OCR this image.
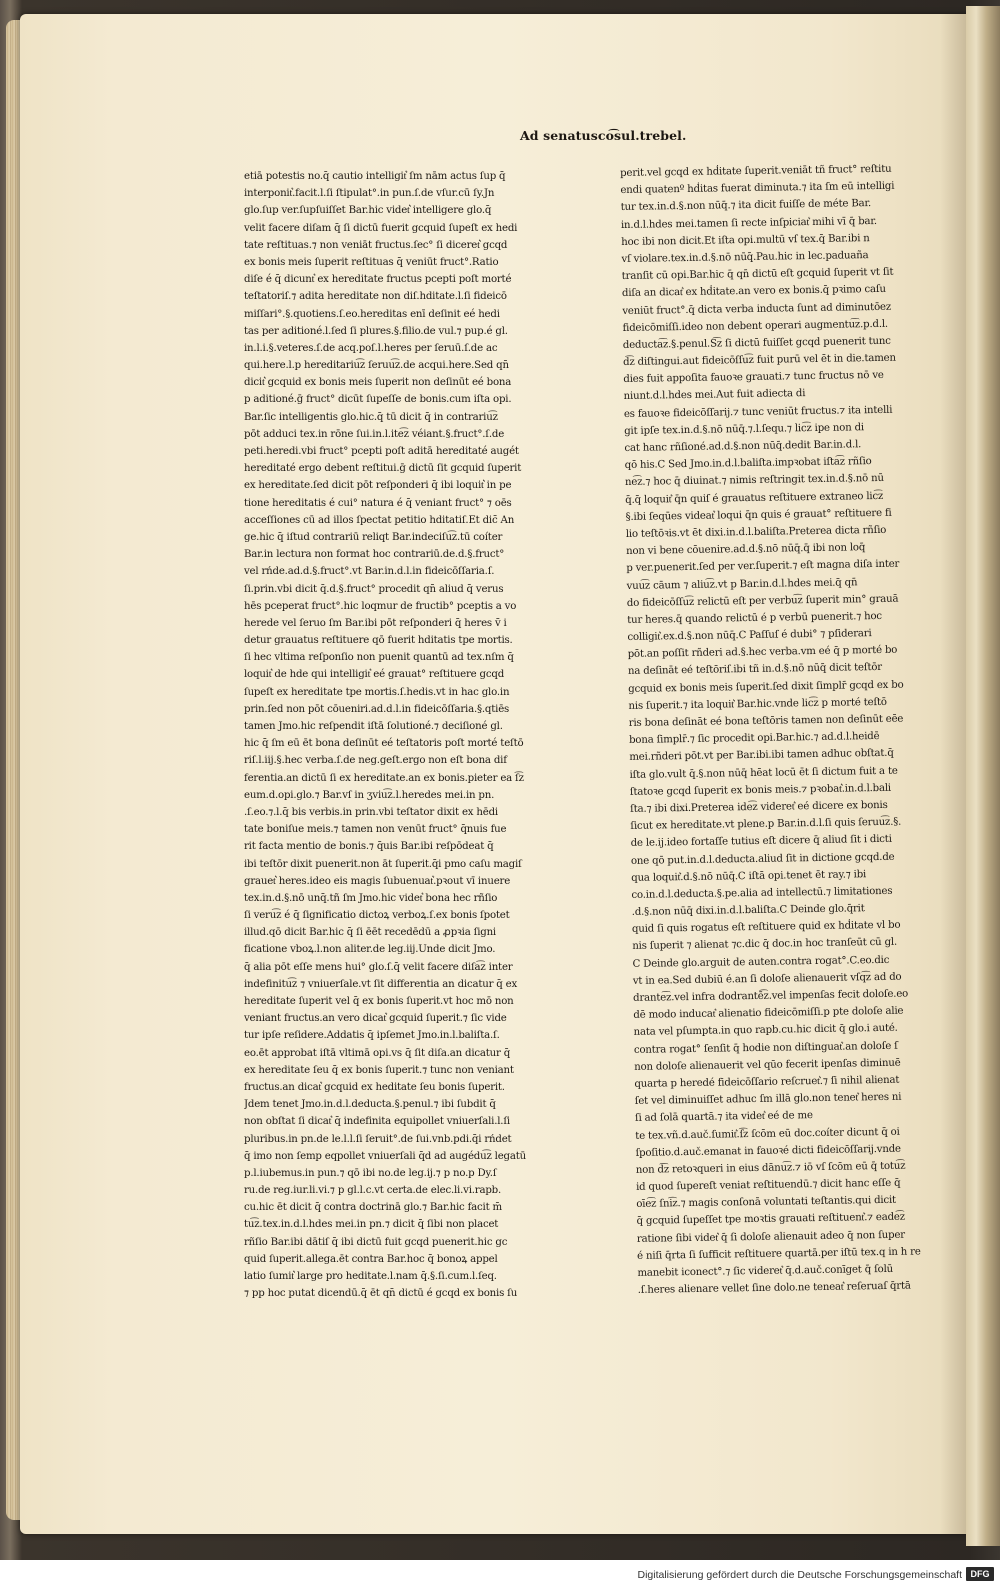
Ad senatusco͡sul.trebel.
etiā potestis no.q̄ cautio intelligit͛ ſm nām actus ſup q̄
interponit͛.facit.l.ſi ſtipulat°.in pun.ſ.de vſur.cū ſy.Jn
glo.ſup ver.ſupſuiſſet Bar.hic videt͛ intelligere glo.q̄
velit facere diſam q̄ ſi dictū fuerit gcquid ſupeſt ex hedi
tate reſtituas.⁊ non veniāt fructus.ſec° ſi diceret͛ gcqd
ex bonis meis ſuperit reſtituas q̄ veniūt fruct°.Ratio
diſe é q̄ dicunt͛ ex hereditate fructus pcepti poſt morté
teſtatoriſ.⁊ adita hereditate non diſ.hditate.l.ſi fideicō
miſſari°.§.quotiens.ſ.eo.hereditas enī deſinit eé hedi
tas per aditioné.l.ſed ſi plures.§.filio.de vul.⁊ pup.é gl.
in.l.i.§.veteres.ſ.de acq.poſ.l.heres per ſeruū.ſ.de ac
qui.here.l.p hereditariu͡z ſeruu͡z.de acqui.here.Sed qn̄
dicit͛ gcquid ex bonis meis ſuperit non deſinūt eé bona
p aditioné.ḡ fruct° dicūt ſupeſſe de bonis.cum iſta opi.
Bar.ſic intelligentis glo.hic.q̄ tū dicit q̄ in contrariu͡z
pōt adduci tex.in rōne ſui.in.l.ite͡z véiant.§.fruct°.ſ.de
peti.heredi.vbi fruct° pcepti poſt aditā hereditaté augét
hereditaté ergo debent reſtitui.ḡ dictū ſit gcquid ſuperit
ex hereditate.ſed dicit pōt reſponderi q̄ ibi loquit͛ in pe
tione hereditatis é cui° natura é q̄ veniant fruct° ⁊ oēs
acceſſiones cū ad illos ſpectat petitio hditatiſ.Et dic̄ An
ge.hic q̄ iſtud contrariū reliqt Bar.indeciſu͡z.tū coíter
Bar.in lectura non format hoc contrariū.de.d.§.fruct°
vel rńde.ad.d.§.fruct°.vt Bar.in.d.l.in fideicōſſaria.ſ.
ſi.prin.vbi dicit q̄.d.§.fruct° procedit qn̄ aliud q̄ verus
hēs pceperat fruct°.hic loqmur de fructib° pceptis a vo
herede vel ſeruo ſm Bar.ibi pōt reſponderi q̄ heres v̄ i
detur grauatus reſtituere qō fuerit hditatis tpe mortis.
ſi hec vltima reſponſio non puenit quantū ad tex.nſm q̄
loquit͛ de hde qui intelligit͛ eé grauat° reſtituere gcqd
ſupeſt ex hereditate tpe mortis.ſ.hedis.vt in hac glo.in
prin.ſed non pōt cōueniri.ad.d.l.in fideicōſſaria.§.qtiēs
tamen Jmo.hic reſpendit iſtā ſolutioné.⁊ deciſioné gl.
hic q̄ ſm eū ēt bona deſinūt eé teſtatoris poſt morté teſtō
riſ.l.iij.§.hec verba.ſ.de neg.geſt.ergo non eſt bona dif
ferentia.an dictū ſi ex hereditate.an ex bonis.pieter ea ſ͡z
eum.d.opi.glo.⁊ Bar.vſ in ӡviu͡z.l.heredes mei.in pn.
.ſ.eo.⁊.l.q̄ bis verbis.in prin.vbi teſtator dixit ex hēdi
tate boniſue meis.⁊ tamen non venūt fruct° q̄nuis fue
rit facta mentio de bonis.⁊ q̄uis Bar.ibi reſpōdeat q̄
ibi teſtōr dixit puenerit.non āt ſuperit.q̄i pmo caſu magiſ
grauet͛ heres.ideo eis magis ſubuenuat͛.pꝛout vī inuere
tex.in.d.§.nō unq̄.tñ ſm Jmo.hic videt͛ bona hec rñſio
ſi veru͡z é q̄ ſignificatio dictoꝝ verboꝝ.ſ.ex bonis ſpotet
illud.qō dicit Bar.hic q̄ ſi ēēt recedēdū a ꝓpꝛia ſigni
ficatione vboꝝ.l.non aliter.de leg.iij.Unde dicit Jmo.
q̄ alia pōt eſſe mens hui° glo.ſ.q̄ velit facere diſa͡z inter
indefinitu͡z ⁊ vniuerſale.vt ſit differentia an dicatur q̄ ex
hereditate ſuperit vel q̄ ex bonis ſuperit.vt hoc mō non
veniant fructus.an vero dicat͛ gcquid ſuperit.⁊ ſic vide
tur ipſe reſidere.Addatis q̄ ipſemet Jmo.in.l.baliſta.ſ.
eo.ēt approbat iſtā vltimā opi.vs q̄ ſit diſa.an dicatur q̄
ex hereditate ſeu q̄ ex bonis ſuperit.⁊ tunc non veniant
fructus.an dicat͛ gcquid ex heditate ſeu bonis ſuperit.
Jdem tenet Jmo.in.d.l.deducta.§.penul.⁊ ibi ſubdit q̄
non obſtat ſi dicat͛ q̄ indefinita equipollet vniuerſali.l.ſi
pluribus.in pn.de le.l.l.ſi ſeruit°.de ſui.vnb.pdi.q̄i rńdet
q̄ imo non ſemp eqpollet vniuerſali q̄d ad augédu͡z legatū
p.l.iubemus.in pun.⁊ qō ibi no.de leg.ij.⁊ p no.p Dy.ſ
ru.de reg.iur.li.vi.⁊ p gl.l.c.vt certa.de elec.li.vi.rapb.
cu.hic ēt dicit q̄ contra doctrinā glo.⁊ Bar.hic facit m̄
tu͡z.tex.in.d.l.hdes mei.in pn.⁊ dicit q̄ ſibi non placet
rñſio Bar.ibi dātiſ q̄ ibi dictū fuit gcqd puenerit.hic gc
quid ſuperit.allega.ēt contra Bar.hoc q̄ bonoꝝ appel
latio ſumit͛ large pro heditate.l.nam q̄.§.ſi.cum.l.ſeq.
⁊ pp hoc putat dicendū.q̄ ēt qn̄ dictū é gcqd ex bonis ſu
perit.vel gcqd ex hḋitate ſuperit.veniāt tñ fruct° reſtitu
endi quatenº hḋitas fuerat diminuta.⁊ ita ſm eū intelligi
tur tex.in.d.§.non nūq̄.⁊ ita dicit fuiſſe de méte Bar.
in.d.l.hdes mei.tamen ſi recte inſpiciat͛ mihi vī q̄ bar.
hoc ibi non dicit.Et iſta opi.multū vſ tex.q̄ Bar.ibi n
vſ violare.tex.in.d.§.nō nūq̄.Pau.hic in lec.paduaña
tranſit cū opi.Bar.hic q̄ qn̄ dictū eſt gcquid ſuperit vt ſit
diſa an dicat͛ ex hḋitate.an vero ex bonis.q̄ pꝛimo caſu
veniūt fruct°.q̄ dicta verba inducta ſunt ad diminutōez
fideicōmiſſi.ideo non debent operari augmentu͡z.p.d.l.
deducta͡z.§.penul.S͡z ſi dictū fuiſſet gcqd puenerit tunc
d͡z diſtingui.aut fideicōſſu͡z fuit purū vel ēt in die.tamen
dies fuit appoſita fauoꝛe grauati.⁊ tunc fructus nō ve
niunt.d.l.hdes mei.Aut fuit adiecta di
es fauoꝛe fideicōſſarij.⁊ tunc veniūt fructus.⁊ ita intelli
git ipſe tex.in.d.§.nō nūq̄.⁊.l.ſequ.⁊ lic͡z ipe non di
cat hanc rñſioné.ad.d.§.non nūq̄.dedit Bar.in.d.l.
qō his.C Sed Jmo.in.d.l.baliſta.impꝛobat iſta͡z rñſio
ne͡z.⁊ hoc q̄ diuinat.⁊ nimis reſtringit tex.in.d.§.nō nū
q̄.q̄ loquit͛ q̄n quiſ é grauatus reſtituere extraneo lic͡z
§.ibi ſeqūes videat͛ loqui q̄n quis é grauat° reſtituere fi
lio teſtōꝛis.vt ēt dixi.in.d.l.baliſta.Preterea dicta rñſio
non vi bene cōuenire.ad.d.§.nō nūq̄.q̄ ibi non loq̄
p ver.puenerit.ſed per ver.ſuperit.⁊ eſt magna diſa inter
vuu͡z cāum ⁊ aliu͡z.vt p Bar.in.d.l.hdes mei.q̄ qn̄
do fideicōſſu͡z relictū eſt per verbu͡z ſuperit min° grauā
tur heres.q̄ quando relictū é p verbū puenerit.⁊ hoc
colligit͛.ex.d.§.non nūq̄.C Paſſuſ é dubi° ⁊ pſiderari
pōt.an poſſit rñderi ad.§.hec verba.vm eé q̄ p morté bo
na deſināt eé teſtōriſ.ibi tñ in.d.§.nō nūq̄ dicit teſtōr
gcquid ex bonis meis ſuperit.ſed dixit ſimplr̄ gcqd ex bo
nis ſuperit.⁊ ita loquit͛ Bar.hic.vnde lic͡z p morté teſtō
ris bona deſināt eé bona teſtōris tamen non deſinūt eēe
bona ſimplr̄.⁊ ſic procedit opi.Bar.hic.⁊ ad.d.l.heidē
mei.rñderi pōt.vt per Bar.ibi.ibi tamen adhuc obſtat.q̄
iſta glo.vult q̄.§.non nūq̄ hēat locū ēt ſi dictum fuit a te
ſtatoꝛe gcqd ſuperit ex bonis meis.⁊ pꝛobat͛.in.d.l.bali
ſta.⁊ ibi dixi.Preterea ide͡z videret͛ eé dicere ex bonis
ſicut ex hereditate.vt plene.p Bar.in.d.l.ſi quis ſeruu͡z.§.
de le.ij.ideo fortaſſe tutius eſt dicere q̄ aliud ſit i dicti
one qō put.in.d.l.deducta.aliud ſit in dictione gcqd.de
qua loquit͛.d.§.nō nūq̄.C iſtā opi.tenet ēt ray.⁊ ibi
co.in.d.l.deducta.§.pe.alia ad intellectū.⁊ limitationes
.d.§.non nūq̄ dixi.in.d.l.baliſta.C Deinde glo.q̄rit
quid ſi quis rogatus eſt reſtituere quid ex hḋitate vl bo
nis ſuperit ⁊ alienat ⁊c.dic q̄ doc.in hoc tranſeūt cū gl.
C Deinde glo.arguit de auten.contra rogat°.C.eo.dic
vt in ea.Sed dubiū é.an ſi doloſe alienauerit vſq͡z ad do
drante͡z.vel infra dodrantē͡z.vel impenſas fecit doloſe.eo
dē modo inducat͛ alienatio fideicōmiſſi.p pte doloſe alie
nata vel pſumpta.in quo rapb.cu.hic dicit q̄ glo.i auté.
contra rogat° ſenſit q̄ hodie non diſtinguat͛.an doloſe ſ
non doloſe alienauerit vel qūo fecerit ipenſas diminuē
quarta p heredé fideicōſſario reſcruet͛.⁊ ſi nihil alienat
ſet vel diminuiſſet adhuc ſm illā glo.non tenet͛ heres ni
ſi ad ſolā quartā.⁊ ita videt͛ eé de me
te tex.vñ.d.auč.ſumit͛.ſ͡z ſcōm eū doc.coíter dicunt q̄ oi
ſpoſitio.d.auč.emanat in fauoꝛé dicti fideicōſſarij.vnde
non d͡z retoꝛqueri in eius dānu͡z.⁊ iō vſ ſcōm eū q̄ totu͡z
id quod ſupereſt veniat reſtituendū.⁊ dicit hanc eſſe q̄
oīe͡z ſni͡z.⁊ magis conſonā voluntati teſtantis.qui dicit
q̄ gcquid ſupeſſet tpe moꝛtis grauati reſtituent͛.⁊ eade͡z
ratione ſibi videt͛ q̄ ſi doloſe alienauit adeo q̄ non ſuper
é niſi q̄rta ſi ſufficit reſtituere quartā.per iſtū tex.q in h re
manebit iconect°.⁊ ſic videret͛ q̄.d.auč.conīget q̄ ſolū
.ſ.heres alienare vellet ſine dolo.ne teneat͛ reſeruaſ q̄rtā
Digitalisierung gefördert durch die Deutsche Forschungsgemeinschaft DFG
